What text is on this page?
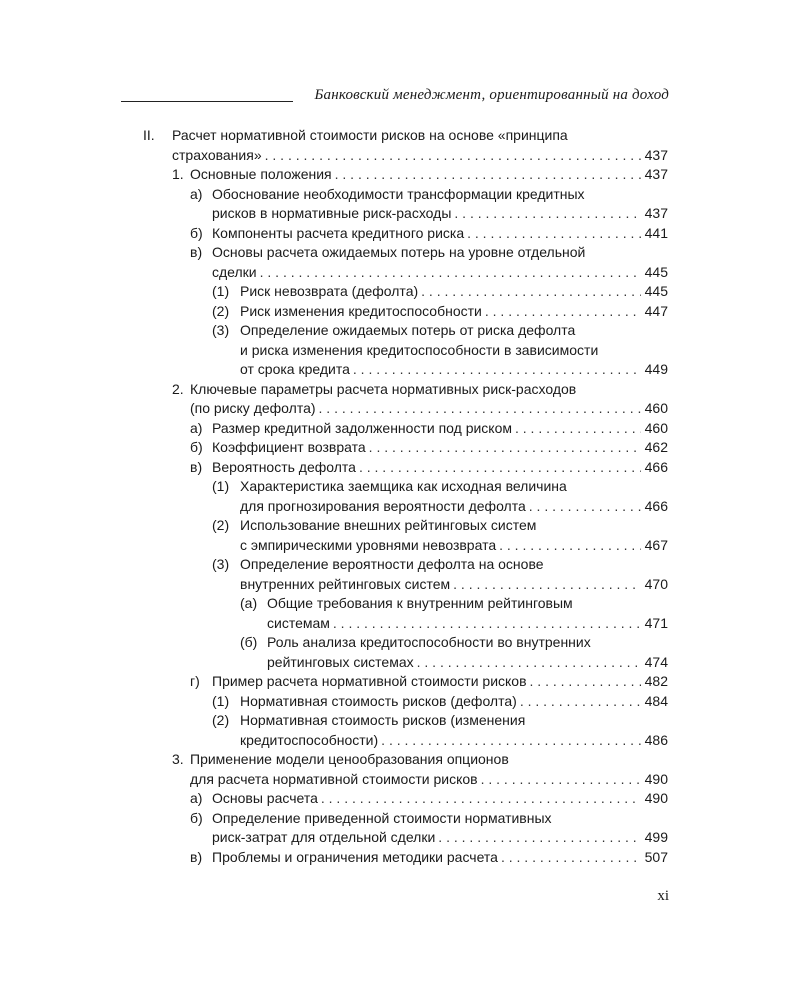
Банковский менеджмент, ориентированный на доход
II. Расчет нормативной стоимости рисков на основе «принципа
страхования» . . .	437
1. Основные положения . . .	437
а) Обоснование необходимости трансформации кредитных
рисков в нормативные риск-расходы . . .	437
б) Компоненты расчета кредитного риска . . .	441
в) Основы расчета ожидаемых потерь на уровне отдельной
сделки . . .	445
(1) Риск невозврата (дефолта) . . .	445
(2) Риск изменения кредитоспособности . . .	447
(3) Определение ожидаемых потерь от риска дефолта
и риска изменения кредитоспособности в зависимости
от срока кредита . . .	449
2. Ключевые параметры расчета нормативных риск-расходов
(по риску дефолта) . . .	460
а) Размер кредитной задолженности под риском . . .	460
б) Коэффициент возврата . . .	462
в) Вероятность дефолта . . .	466
(1) Характеристика заемщика как исходная величина
для прогнозирования вероятности дефолта . . .	466
(2) Использование внешних рейтинговых систем
с эмпирическими уровнями невозврата . . .	467
(3) Определение вероятности дефолта на основе
внутренних рейтинговых систем . . .	470
(а) Общие требования к внутренним рейтинговым
системам . . .	471
(б) Роль анализа кредитоспособности во внутренних
рейтинговых системах . . .	474
г) Пример расчета нормативной стоимости рисков . . .	482
(1) Нормативная стоимость рисков (дефолта) . . .	484
(2) Нормативная стоимость рисков (изменения
кредитоспособности) . . .	486
3. Применение модели ценообразования опционов
для расчета нормативной стоимости рисков . . .	490
а) Основы расчета . . .	490
б) Определение приведенной стоимости нормативных
риск-затрат для отдельной сделки . . .	499
в) Проблемы и ограничения методики расчета . . .	507
xi
